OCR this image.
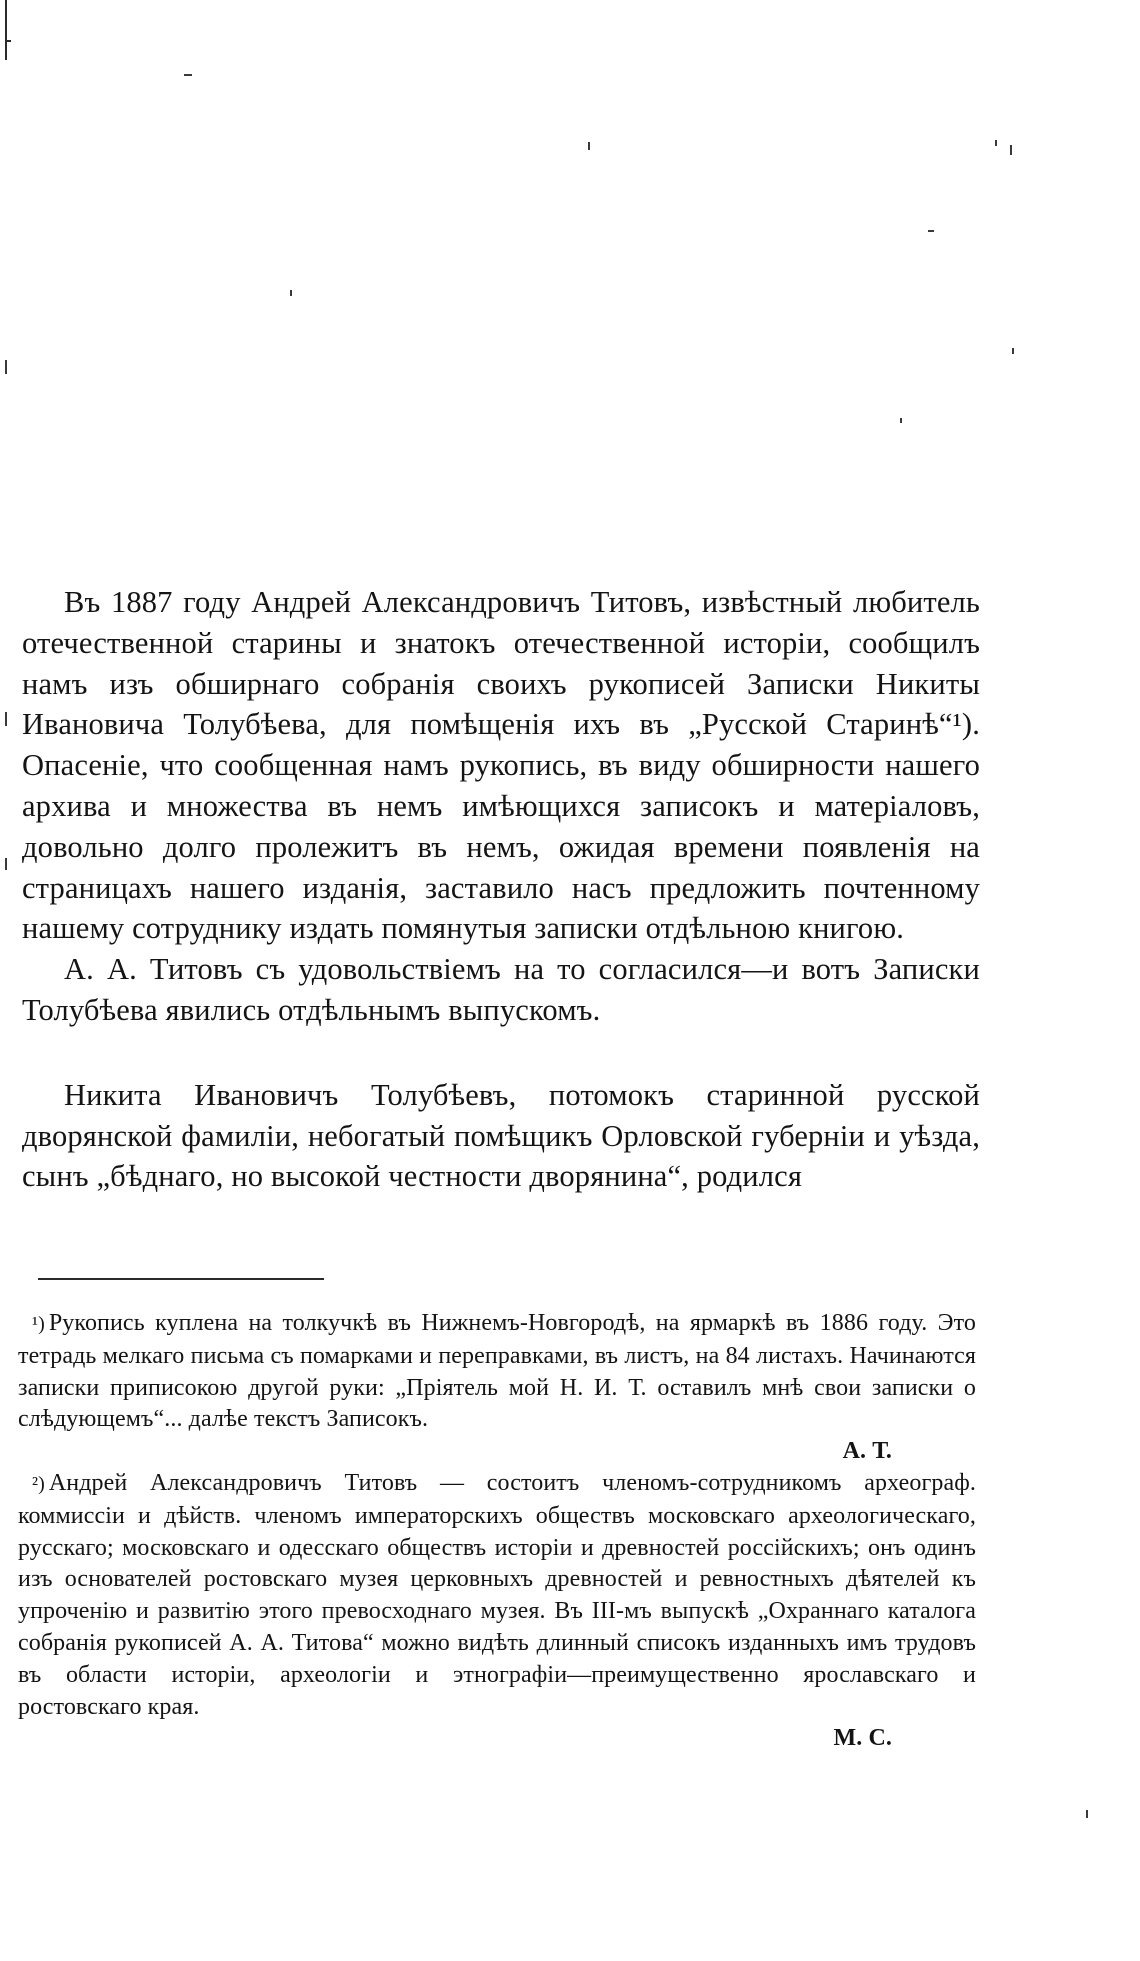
Въ 1887 году Андрей Александровичъ Титовъ, извѣстный любитель отечественной старины и знатокъ отечественной исторіи, сообщилъ намъ изъ обширнаго собранія своихъ рукописей Записки Никиты Ивановича Толубѣева, для помѣщенія ихъ въ „Русской Старинѣ“¹). Опасеніе, что сообщенная намъ рукопись, въ виду обширности нашего архива и множества въ немъ имѣющихся записокъ и матеріаловъ, довольно долго пролежитъ въ немъ, ожидая времени появленія на страницахъ нашего изданія, заставило насъ предложить почтенному нашему сотруднику издать помянутыя записки отдѣльною книгою.

А. А. Титовъ съ удовольствіемъ на то согласился—и вотъ Записки Толубѣева явились отдѣльнымъ выпускомъ.

Никита Ивановичъ Толубѣевъ, потомокъ старинной русской дворянской фамиліи, небогатый помѣщикъ Орловской губерніи и уѣзда, сынъ „бѣднаго, но высокой честности дворянина“, родился

¹) Рукопись куплена на толкучкѣ въ Нижнемъ-Новгородѣ, на ярмаркѣ въ 1886 году. Это тетрадь мелкаго письма съ помарками и переправками, въ листъ, на 84 листахъ. Начинаются записки приписокою другой руки: „Пріятель мой Н. И. Т. оставилъ мнѣ свои записки о слѣдующемъ“... далѣе текстъ Записокъ.

А. Т.

²) Андрей Александровичъ Титовъ — состоитъ членомъ-сотрудникомъ археограф. коммиссіи и дѣйств. членомъ императорскихъ обществъ московскаго археологическаго, русскаго; московскаго и одесскаго обществъ исторіи и древностей россійскихъ; онъ одинъ изъ основателей ростовскаго музея церковныхъ древностей и ревностныхъ дѣятелей къ упроченію и развитію этого превосходнаго музея. Въ III-мъ выпускѣ „Охраннаго каталога собранія рукописей А. А. Титова“ можно видѣть длинный списокъ изданныхъ имъ трудовъ въ области исторіи, археологіи и этнографіи—преимущественно ярославскаго и ростовскаго края.

М. С.
